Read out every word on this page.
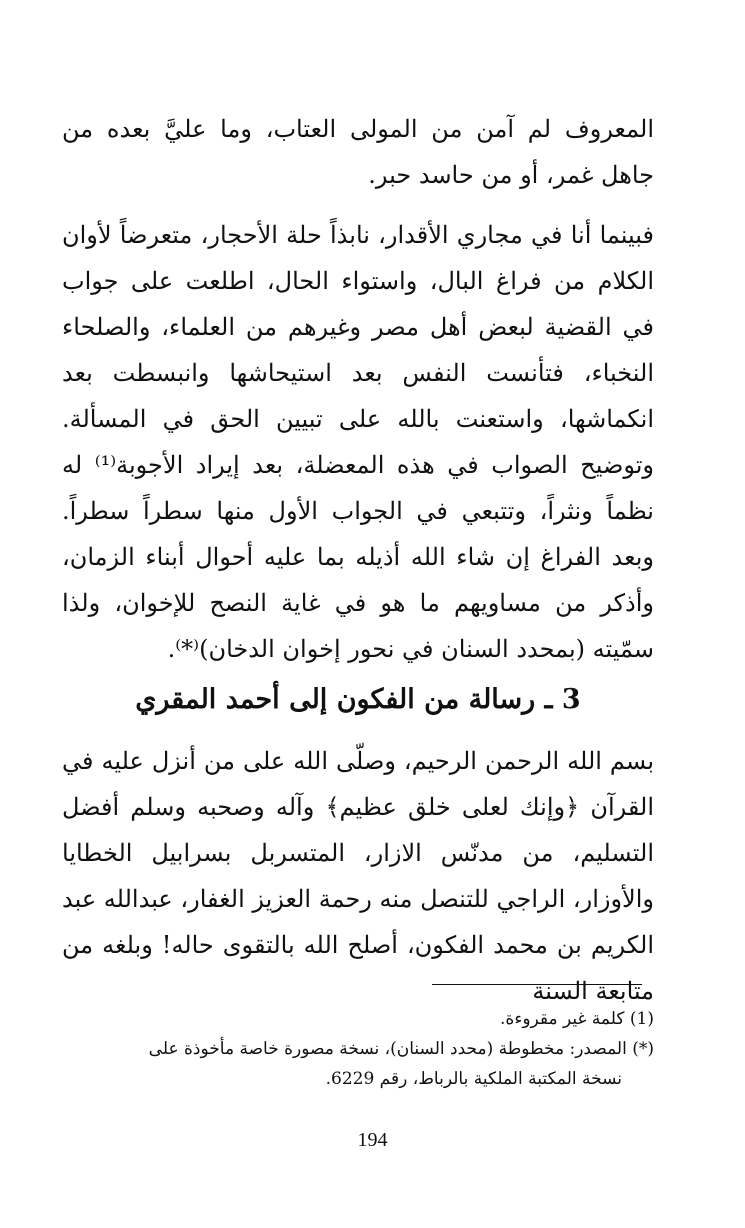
المعروف لم آمن من المولى العتاب، وما عليَّ بعده من جاهل غمر، أو من حاسد حبر.

فبينما أنا في مجاري الأقدار، نابذاً حلة الأحجار، متعرضاً لأوان الكلام من فراغ البال، واستواء الحال، اطلعت على جواب في القضية لبعض أهل مصر وغيرهم من العلماء، والصلحاء النخباء، فتأنست النفس بعد استيحاشها وانبسطت بعد انكماشها، واستعنت بالله على تبيين الحق في المسألة. وتوضيح الصواب في هذه المعضلة، بعد إيراد الأجوبة⁽¹⁾ له نظماً ونثراً، وتتبعي في الجواب الأول منها سطراً سطراً. وبعد الفراغ إن شاء الله أذيله بما عليه أحوال أبناء الزمان، وأذكر من مساويهم ما هو في غاية النصح للإخوان، ولذا سمّيته (بمحدد السنان في نحور إخوان الدخان)⁽*⁾.

3 ـ رسالة من الفكون إلى أحمد المقري

بسم الله الرحمن الرحيم، وصلّى الله على من أنزل عليه في القرآن ﴿وإنك لعلى خلق عظيم﴾ وآله وصحبه وسلم أفضل التسليم، من مدنّس الازار، المتسربل بسرابيل الخطايا والأوزار، الراجي للتنصل منه رحمة العزيز الغفار، عبدالله عبد الكريم بن محمد الفكون، أصلح الله بالتقوى حاله! وبلغه من متابعة السنة

(1) كلمة غير مقروءة.

(*) المصدر: مخطوطة (محدد السنان)، نسخة مصورة خاصة مأخوذة على

نسخة المكتبة الملكية بالرباط، رقم 6229.

194
